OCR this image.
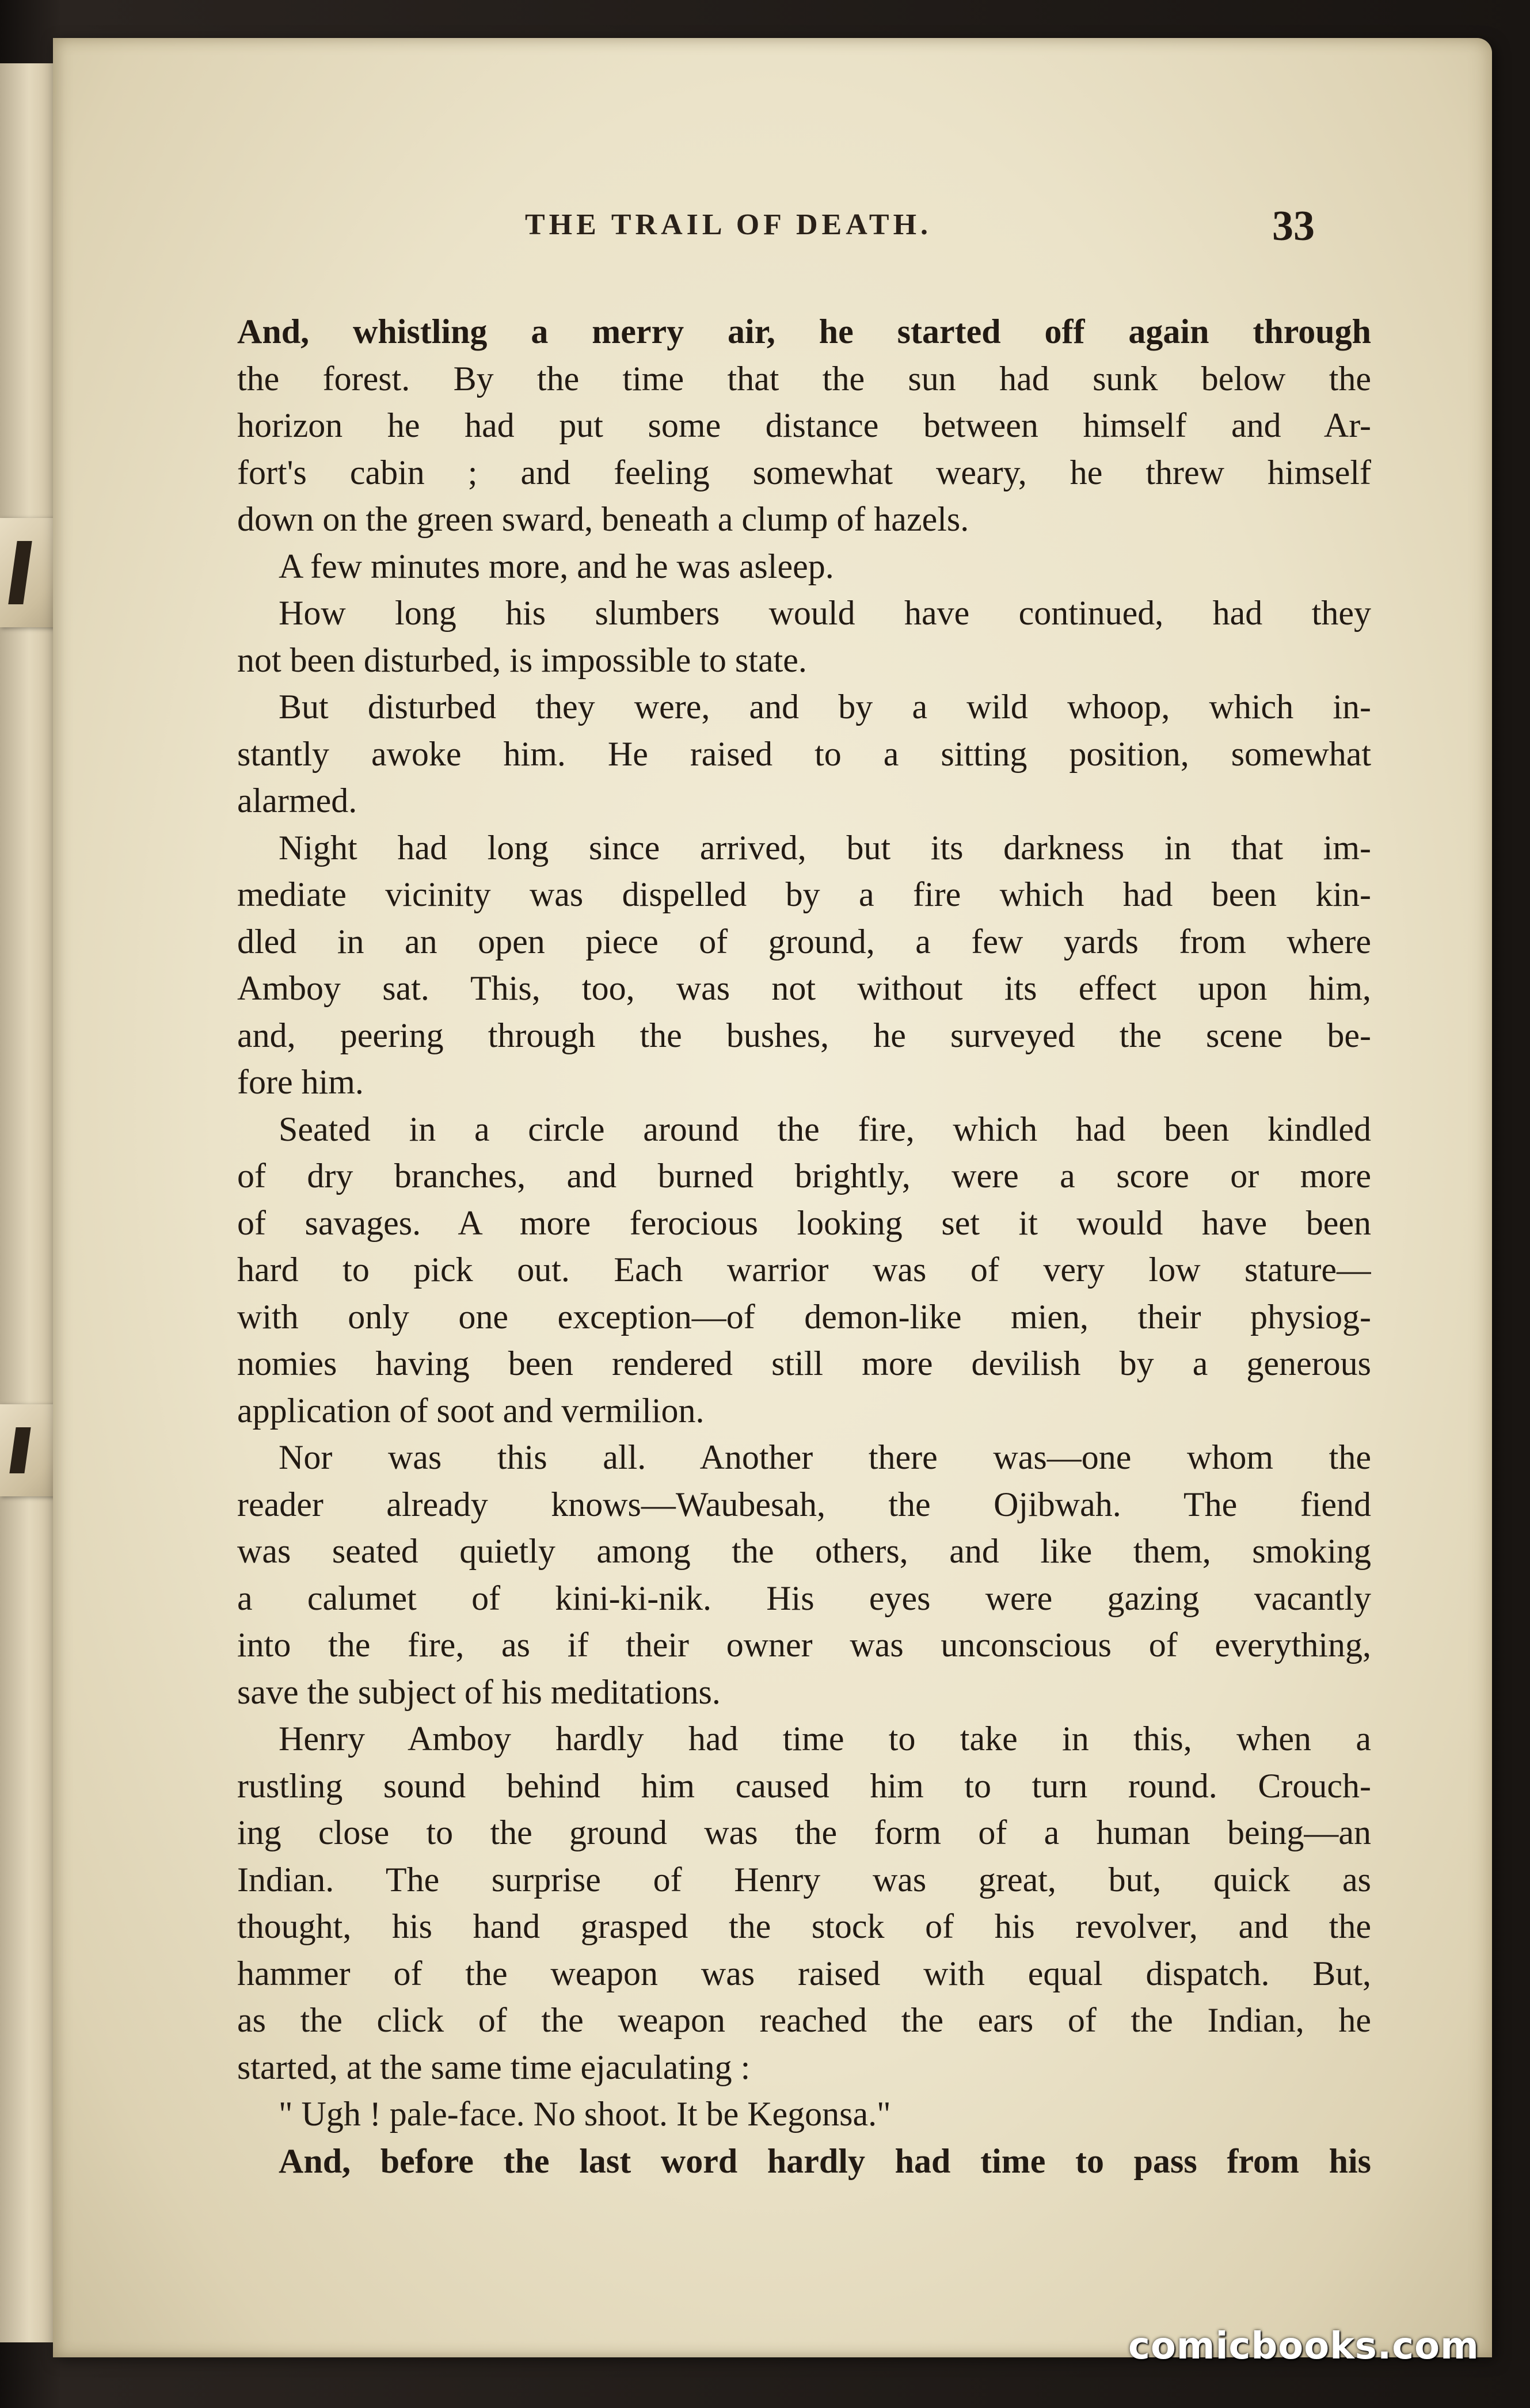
THE TRAIL OF DEATH.	33
And, whistling a merry air, he started off again through
the forest. By the time that the sun had sunk below the
horizon he had put some distance between himself and Ar-
fort's cabin ; and feeling somewhat weary, he threw himself
down on the green sward, beneath a clump of hazels.
A few minutes more, and he was asleep.
How long his slumbers would have continued, had they
not been disturbed, is impossible to state.
But disturbed they were, and by a wild whoop, which in-
stantly awoke him. He raised to a sitting position, somewhat
alarmed.
Night had long since arrived, but its darkness in that im-
mediate vicinity was dispelled by a fire which had been kin-
dled in an open piece of ground, a few yards from where
Amboy sat. This, too, was not without its effect upon him,
and, peering through the bushes, he surveyed the scene be-
fore him.
Seated in a circle around the fire, which had been kindled
of dry branches, and burned brightly, were a score or more
of savages. A more ferocious looking set it would have been
hard to pick out. Each warrior was of very low stature—
with only one exception—of demon-like mien, their physiog-
nomies having been rendered still more devilish by a generous
application of soot and vermilion.
Nor was this all. Another there was—one whom the
reader already knows—Waubesah, the Ojibwah. The fiend
was seated quietly among the others, and like them, smoking
a calumet of kini-ki-nik. His eyes were gazing vacantly
into the fire, as if their owner was unconscious of everything,
save the subject of his meditations.
Henry Amboy hardly had time to take in this, when a
rustling sound behind him caused him to turn round. Crouch-
ing close to the ground was the form of a human being—an
Indian. The surprise of Henry was great, but, quick as
thought, his hand grasped the stock of his revolver, and the
hammer of the weapon was raised with equal dispatch. But,
as the click of the weapon reached the ears of the Indian, he
started, at the same time ejaculating :
" Ugh ! pale-face. No shoot. It be Kegonsa."
And, before the last word hardly had time to pass from his
comicbooks.com
